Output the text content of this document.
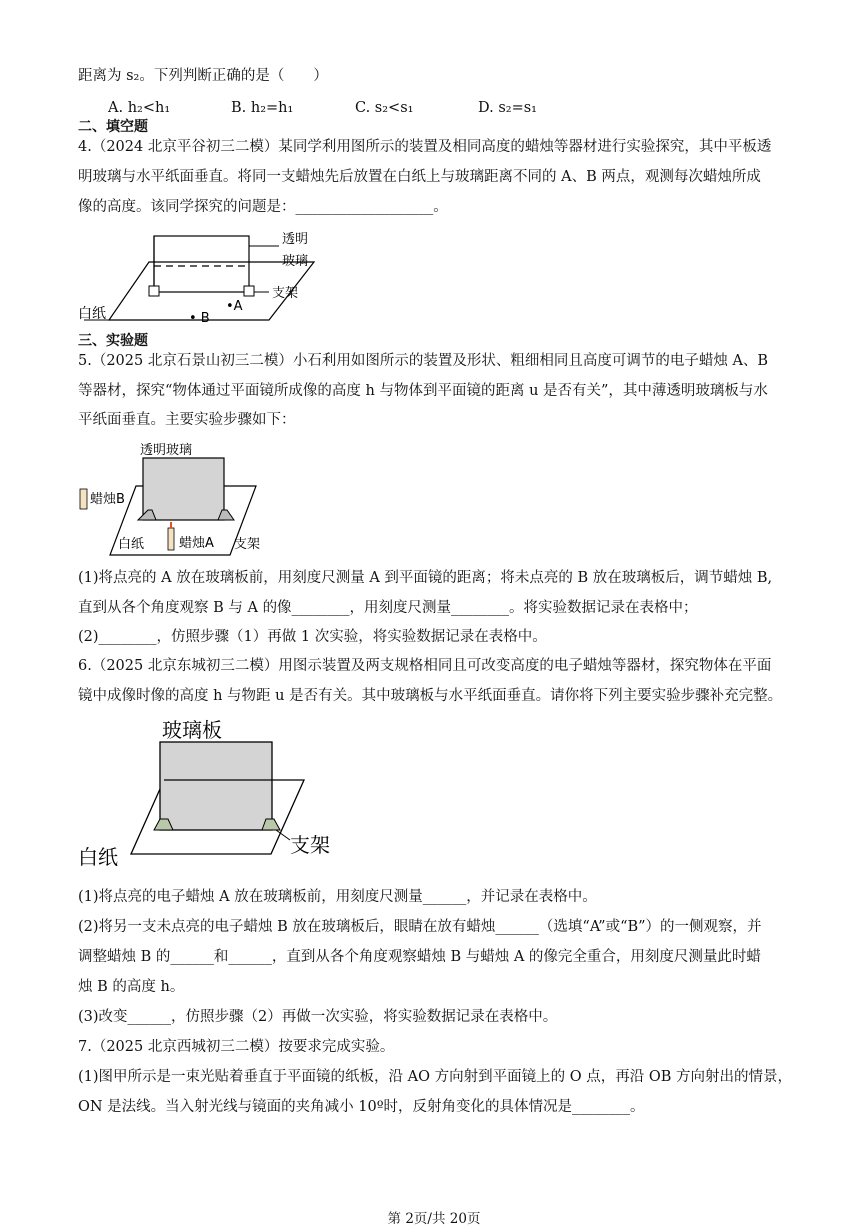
距离为 s₂。下列判断正确的是（　　）
A. h₂<h₁	B. h₂=h₁	C. s₂<s₁	D. s₂=s₁
二、填空题
4.（2024 北京平谷初三二模）某同学利用图所示的装置及相同高度的蜡烛等器材进行实验探究，其中平板透
明玻璃与水平纸面垂直。将同一支蜡烛先后放置在白纸上与玻璃距离不同的 A、B 两点，观测每次蜡烛所成
像的高度。该同学探究的问题是：___________________。
透明
玻璃
支架
白纸	•A
• B
三、实验题
5.（2025 北京石景山初三二模）小石利用如图所示的装置及形状、粗细相同且高度可调节的电子蜡烛 A、B
等器材，探究“物体通过平面镜所成像的高度 h 与物体到平面镜的距离 u 是否有关”，其中薄透明玻璃板与水
平纸面垂直。主要实验步骤如下：
透明玻璃
蜡烛B
白纸	蜡烛A 支架
(1)将点亮的 A 放在玻璃板前，用刻度尺测量 A 到平面镜的距离；将未点亮的 B 放在玻璃板后，调节蜡烛 B,
直到从各个角度观察 B 与 A 的像________，用刻度尺测量________。将实验数据记录在表格中；
(2)________，仿照步骤（1）再做 1 次实验，将实验数据记录在表格中。
6.（2025 北京东城初三二模）用图示装置及两支规格相同且可改变高度的电子蜡烛等器材，探究物体在平面
镜中成像时像的高度 h 与物距 u 是否有关。其中玻璃板与水平纸面垂直。请你将下列主要实验步骤补充完整。
玻璃板
白纸	支架
(1)将点亮的电子蜡烛 A 放在玻璃板前，用刻度尺测量______，并记录在表格中。
(2)将另一支未点亮的电子蜡烛 B 放在玻璃板后，眼睛在放有蜡烛______（选填“A”或“B”）的一侧观察，并
调整蜡烛 B 的______和______，直到从各个角度观察蜡烛 B 与蜡烛 A 的像完全重合，用刻度尺测量此时蜡
烛 B 的高度 h。
(3)改变______，仿照步骤（2）再做一次实验，将实验数据记录在表格中。
7.（2025 北京西城初三二模）按要求完成实验。
(1)图甲所示是一束光贴着垂直于平面镜的纸板，沿 AO 方向射到平面镜上的 O 点，再沿 OB 方向射出的情景，
ON 是法线。当入射光线与镜面的夹角减小 10º时，反射角变化的具体情况是________。
第 2页/共 20页
